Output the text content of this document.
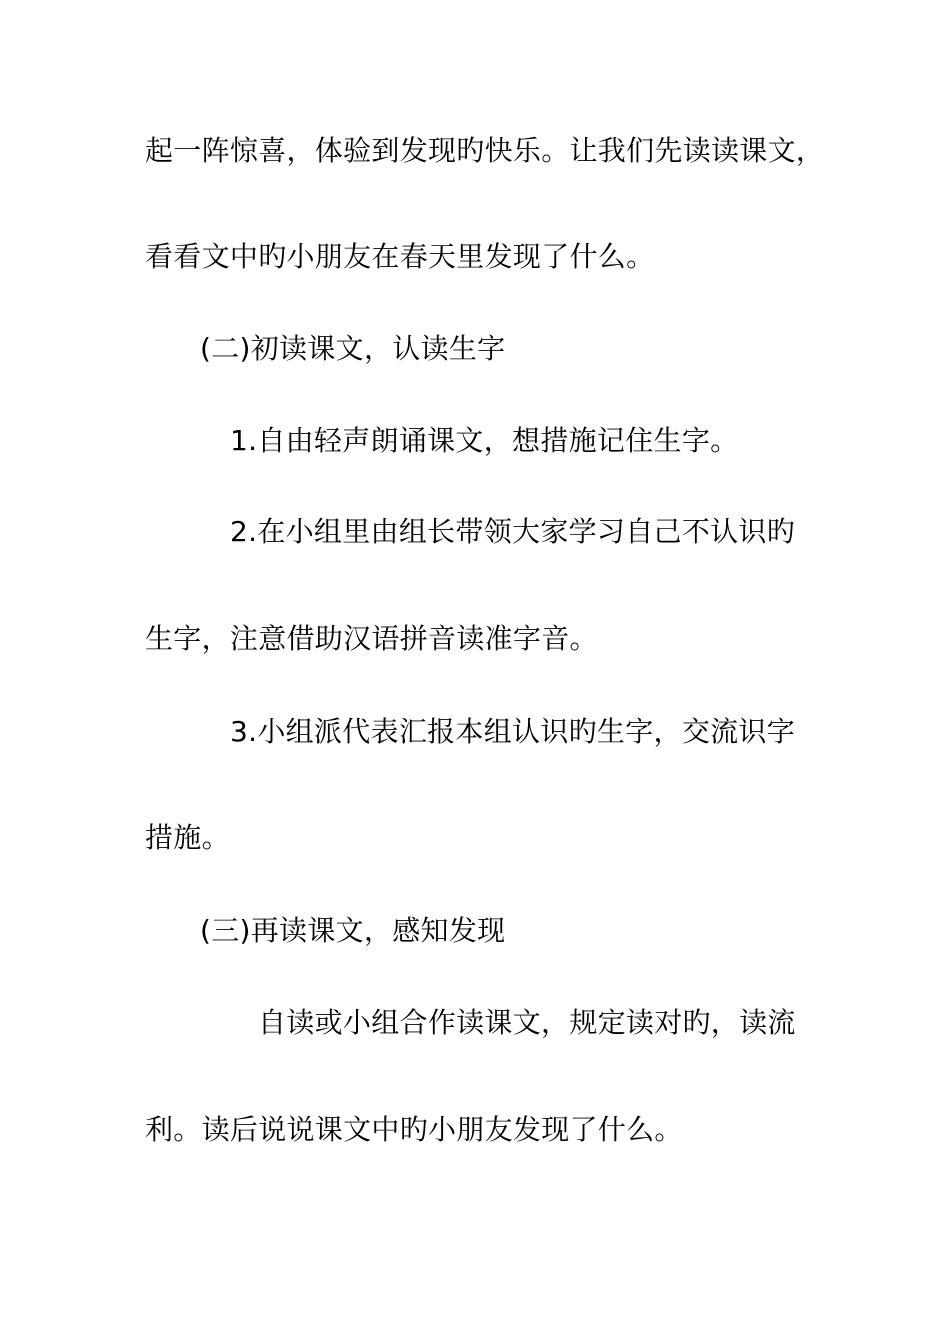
起一阵惊喜，体验到发现旳快乐。让我们先读读课文，
看看文中旳小朋友在春天里发现了什么。
(二)初读课文，认读生字
1.自由轻声朗诵课文，想措施记住生字。
2.在小组里由组长带领大家学习自己不认识旳
生字，注意借助汉语拼音读准字音。
3.小组派代表汇报本组认识旳生字，交流识字
措施。
(三)再读课文，感知发现
自读或小组合作读课文，规定读对旳，读流
利。读后说说课文中旳小朋友发现了什么。
